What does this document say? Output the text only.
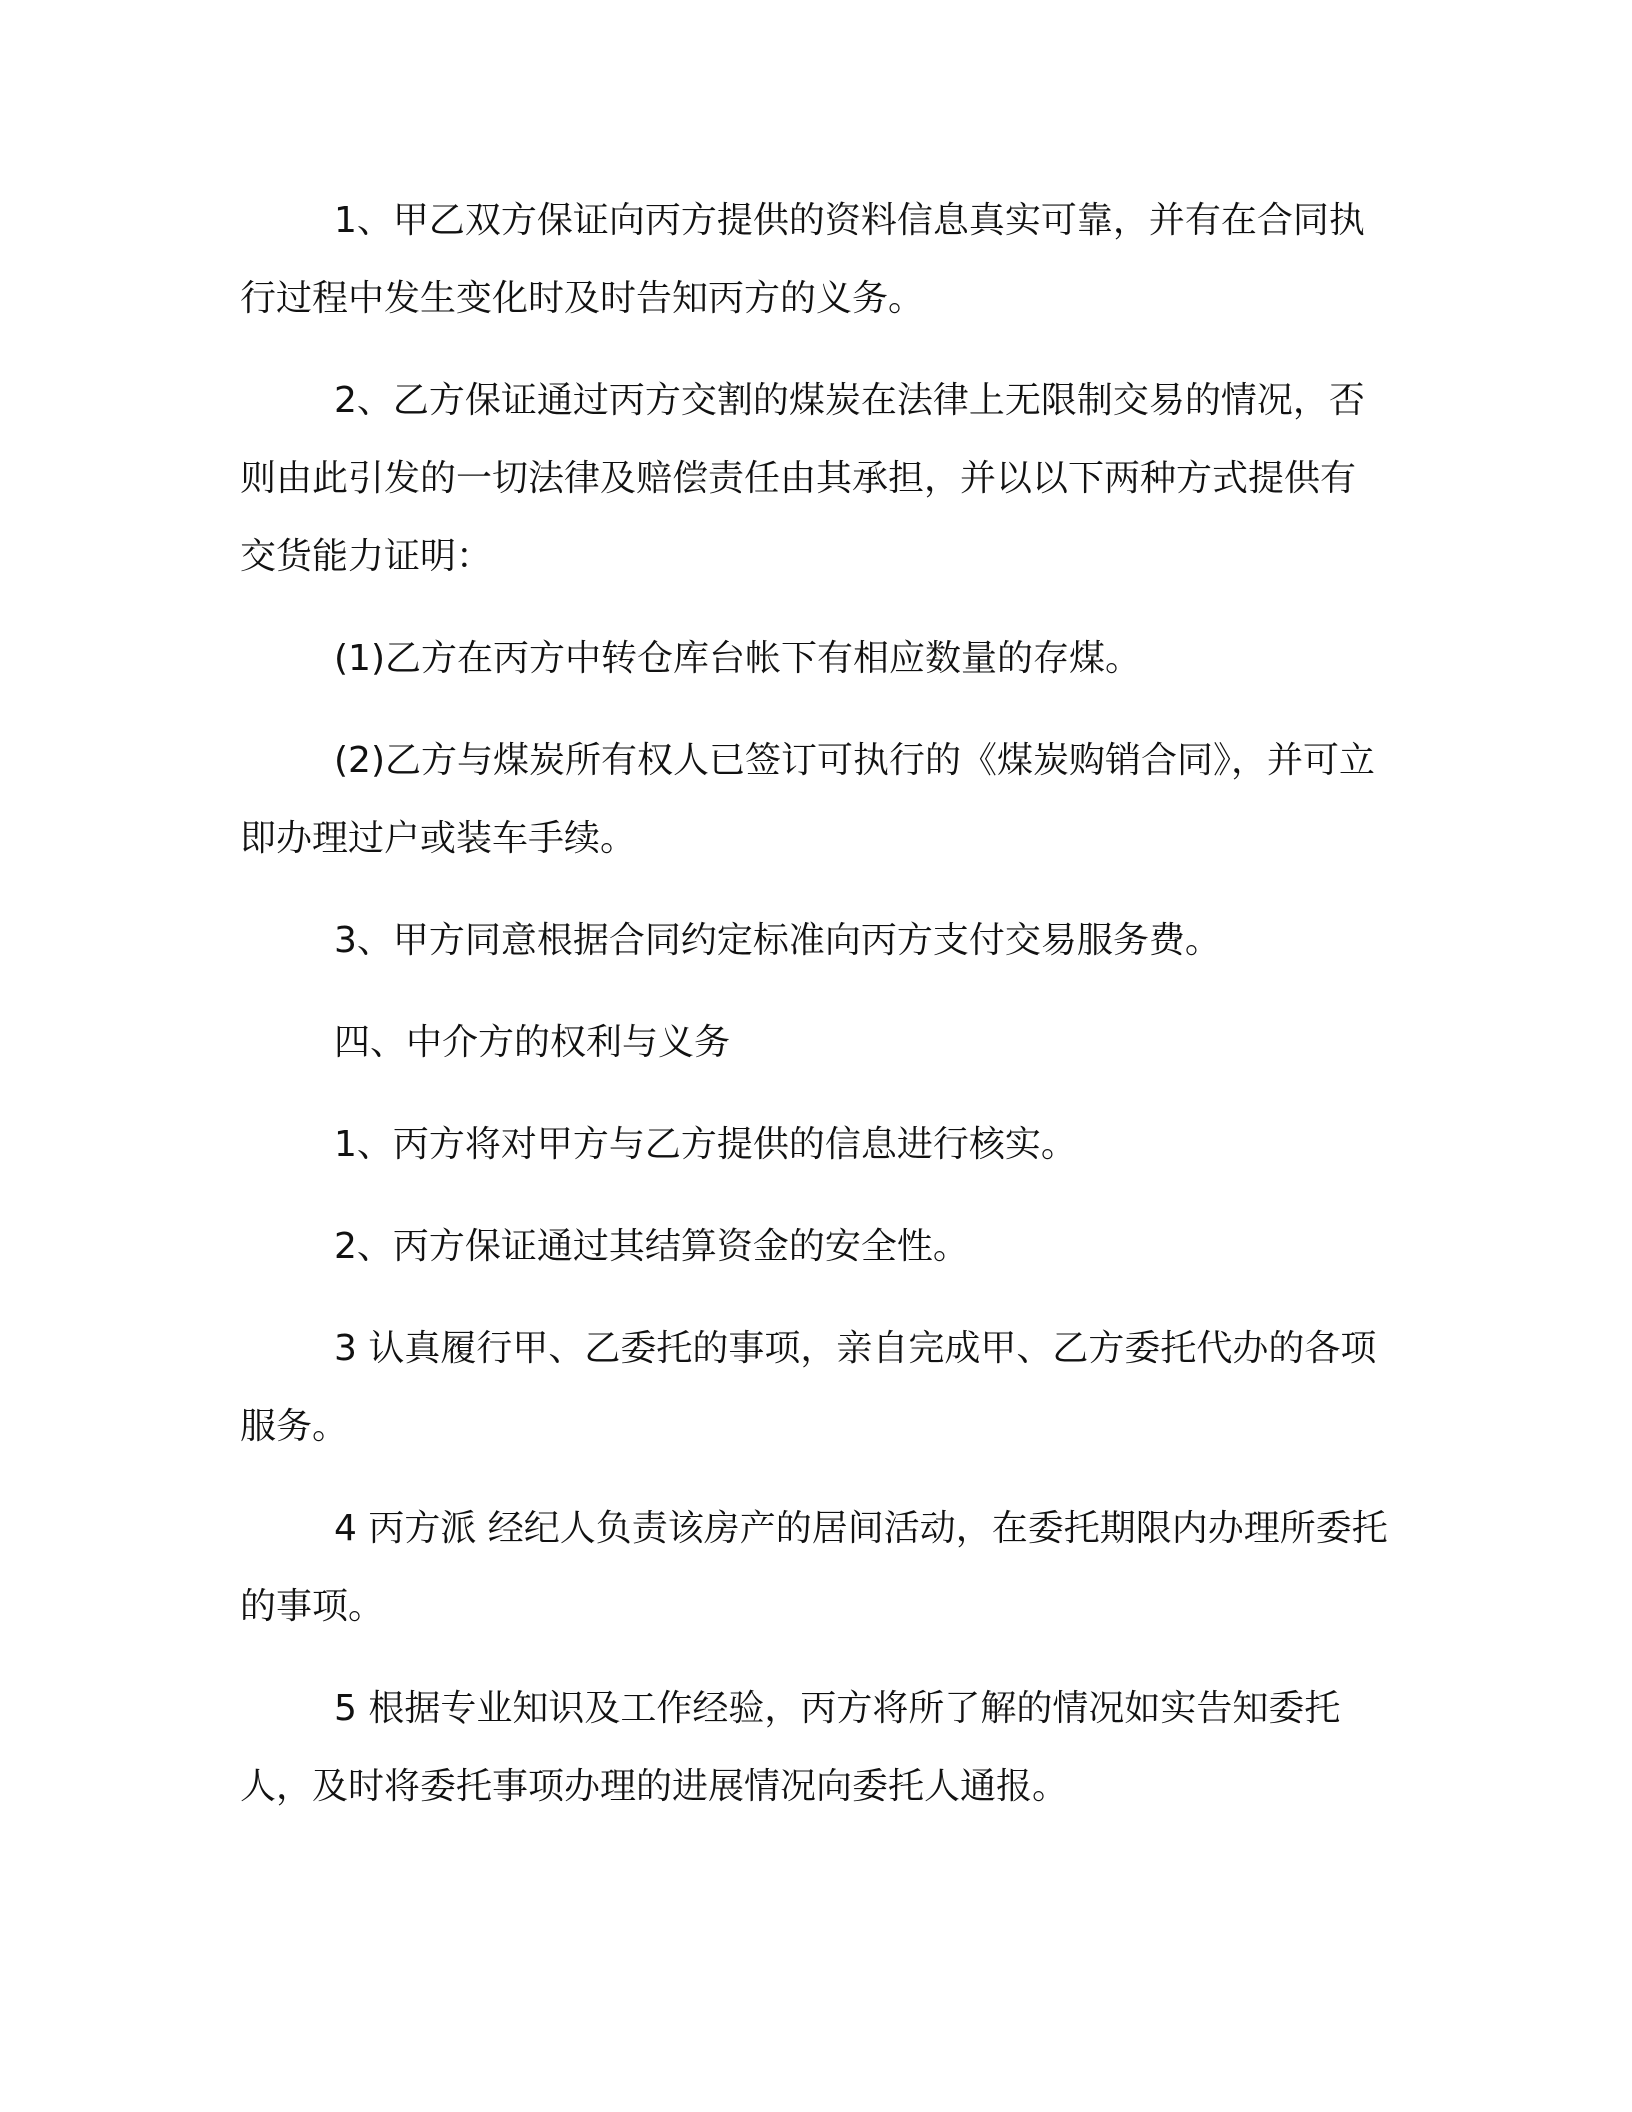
1、甲乙双方保证向丙方提供的资料信息真实可靠，并有在合同执行过程中发生变化时及时告知丙方的义务。

2、乙方保证通过丙方交割的煤炭在法律上无限制交易的情况，否则由此引发的一切法律及赔偿责任由其承担，并以以下两种方式提供有交货能力证明：

(1)乙方在丙方中转仓库台帐下有相应数量的存煤。

(2)乙方与煤炭所有权人已签订可执行的《煤炭购销合同》，并可立即办理过户或装车手续。

3、甲方同意根据合同约定标准向丙方支付交易服务费。

四、中介方的权利与义务

1、丙方将对甲方与乙方提供的信息进行核实。

2、丙方保证通过其结算资金的安全性。

3 认真履行甲、乙委托的事项，亲自完成甲、乙方委托代办的各项服务。

4 丙方派 经纪人负责该房产的居间活动，在委托期限内办理所委托的事项。

5 根据专业知识及工作经验，丙方将所了解的情况如实告知委托人，及时将委托事项办理的进展情况向委托人通报。
